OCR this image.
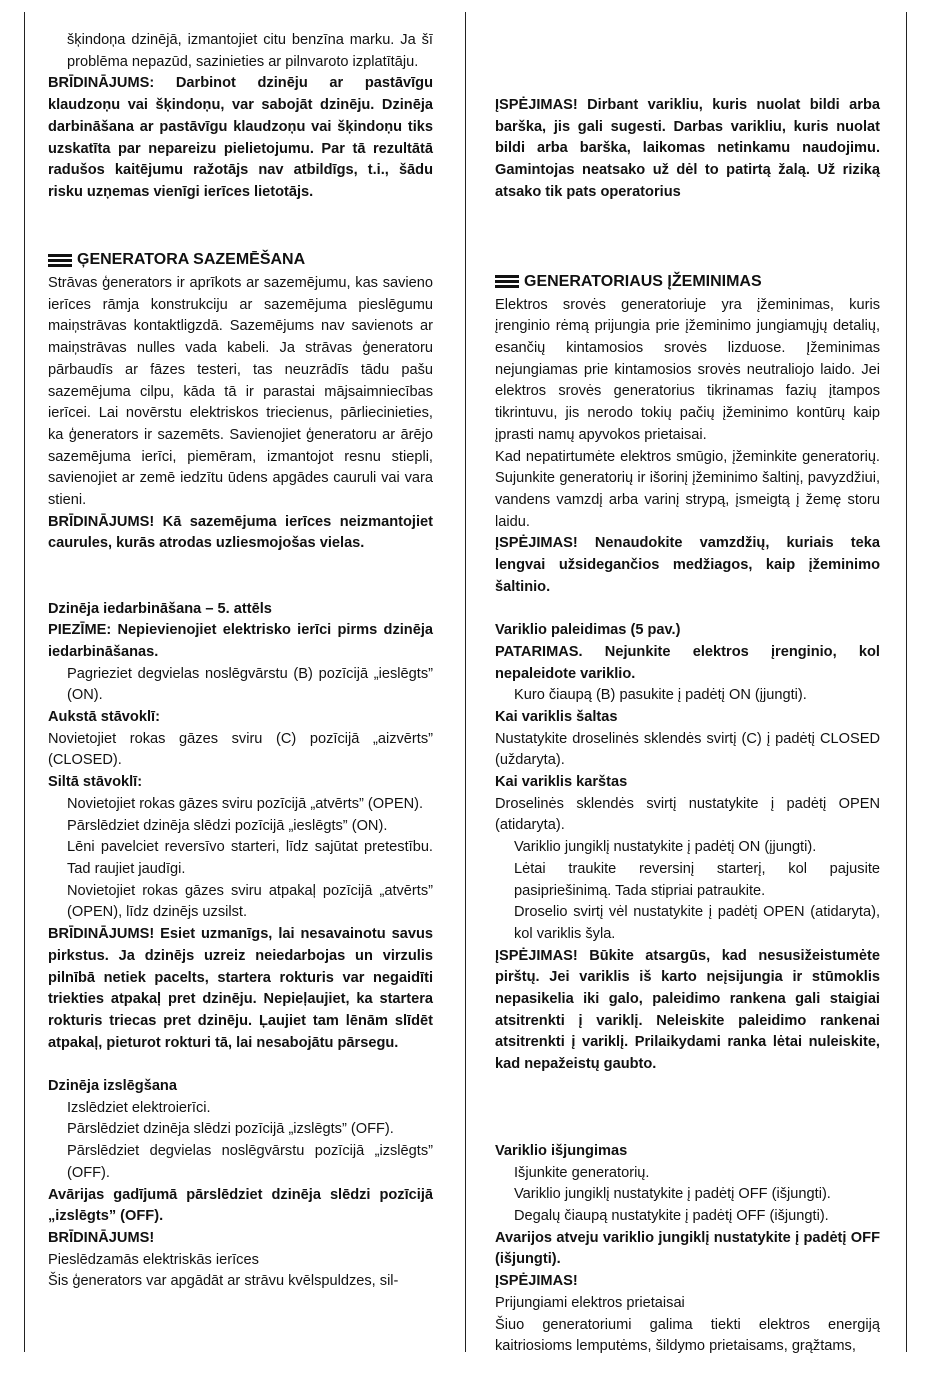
šķindoņa dzinējā, izmantojiet citu benzīna marku. Ja šī problēma nepazūd, sazinieties ar pilnvaroto izplatītāju.

BRĪDINĀJUMS: Darbinot dzinēju ar pastāvīgu klaudzoņu vai šķindoņu, var sabojāt dzinēju. Dzinēja darbināšana ar pastāvīgu klaudzoņu vai šķindoņu tiks uzskatīta par nepareizu pielietojumu. Par tā rezultātā radušos kaitējumu ražotājs nav atbildīgs, t.i., šādu risku uzņemas vienīgi ierīces lietotājs.

ĢENERATORA SAZEMĒŠANA

Strāvas ģenerators ir aprīkots ar sazemējumu, kas savieno ierīces rāmja konstrukciju ar sazemējuma pieslēgumu maiņstrāvas kontaktligzdā. Sazemējums nav savienots ar maiņstrāvas nulles vada kabeli. Ja strāvas ģeneratoru pārbaudīs ar fāzes testeri, tas neuzrādīs tādu pašu sazemējuma cilpu, kāda tā ir parastai mājsaimniecības ierīcei. Lai novērstu elektriskos triecienus, pārliecinieties, ka ģenerators ir sazemēts. Savienojiet ģeneratoru ar ārējo sazemējuma ierīci, piemēram, izmantojot resnu stiepli, savienojiet ar zemē iedzītu ūdens apgādes cauruli vai vara stieni.

BRĪDINĀJUMS! Kā sazemējuma ierīces neizmantojiet caurules, kurās atrodas uzliesmojošas vielas.

Dzinēja iedarbināšana – 5. attēls

PIEZĪME: Nepievienojiet elektrisko ierīci pirms dzinēja iedarbināšanas.

Pagrieziet degvielas noslēgvārstu (B) pozīcijā „ieslēgts” (ON).

Aukstā stāvoklī:

Novietojiet rokas gāzes sviru (C) pozīcijā „aizvērts” (CLOSED).

Siltā stāvoklī:

Novietojiet rokas gāzes sviru pozīcijā „atvērts” (OPEN).

Pārslēdziet dzinēja slēdzi pozīcijā „ieslēgts” (ON).

Lēni pavelciet reversīvo starteri, līdz sajūtat pretestību. Tad raujiet jaudīgi.

Novietojiet rokas gāzes sviru atpakaļ pozīcijā „atvērts” (OPEN), līdz dzinējs uzsilst.

BRĪDINĀJUMS! Esiet uzmanīgs, lai nesavainotu savus pirkstus. Ja dzinējs uzreiz neiedarbojas un virzulis pilnībā netiek pacelts, startera rokturis var negaidīti triekties atpakaļ pret dzinēju. Nepieļaujiet, ka startera rokturis triecas pret dzinēju. Ļaujiet tam lēnām slīdēt atpakaļ, pieturot rokturi tā, lai nesabojātu pārsegu.

Dzinēja izslēgšana

Izslēdziet elektroierīci.

Pārslēdziet dzinēja slēdzi pozīcijā „izslēgts” (OFF).

Pārslēdziet degvielas noslēgvārstu pozīcijā „izslēgts” (OFF).

Avārijas gadījumā pārslēdziet dzinēja slēdzi pozīcijā „izslēgts” (OFF).

BRĪDINĀJUMS!

Pieslēdzamās elektriskās ierīces

Šis ģenerators var apgādāt ar strāvu kvēlspuldzes, sil-

ĮSPĖJIMAS! Dirbant varikliu, kuris nuolat bildi arba barška, jis gali sugesti. Darbas varikliu, kuris nuolat bildi arba barška, laikomas netinkamu naudojimu. Gamintojas neatsako už dėl to patirtą žalą. Už riziką atsako tik pats operatorius

GENERATORIAUS ĮŽEMINIMAS

Elektros srovės generatoriuje yra įžeminimas, kuris įrenginio rėmą prijungia prie įžeminimo jungiamųjų detalių, esančių kintamosios srovės lizduose. Įžeminimas nejungiamas prie kintamosios srovės neutraliojo laido. Jei elektros srovės generatorius tikrinamas fazių įtampos tikrintuvu, jis nerodo tokių pačių įžeminimo kontūrų kaip įprasti namų apyvokos prietaisai.

Kad nepatirtumėte elektros smūgio, įžeminkite generatorių. Sujunkite generatorių ir išorinį įžeminimo šaltinį, pavyzdžiui, vandens vamzdį arba varinį strypą, įsmeigtą į žemę storu laidu.

ĮSPĖJIMAS! Nenaudokite vamzdžių, kuriais teka lengvai užsidegančios medžiagos, kaip įžeminimo šaltinio.

Variklio paleidimas (5 pav.)

PATARIMAS. Nejunkite elektros įrenginio, kol nepaleidote variklio.

Kuro čiaupą (B) pasukite į padėtį ON (įjungti).

Kai variklis šaltas

Nustatykite droselinės sklendės svirtį (C) į padėtį CLOSED (uždaryta).

Kai variklis karštas

Droselinės sklendės svirtį nustatykite į padėtį OPEN (atidaryta).

Variklio jungiklį nustatykite į padėtį ON (įjungti).

Lėtai traukite reversinį starterį, kol pajusite pasipriešinimą. Tada stipriai patraukite.

Droselio svirtį vėl nustatykite į padėtį OPEN (atidaryta), kol variklis šyla.

ĮSPĖJIMAS! Būkite atsargūs, kad nesusižeistumėte pirštų. Jei variklis iš karto neįsijungia ir stūmoklis nepasikelia iki galo, paleidimo rankena gali staigiai atsitrenkti į variklį. Neleiskite paleidimo rankenai atsitrenkti į variklį. Prilaikydami ranka lėtai nuleiskite, kad nepažeistų gaubto.

Variklio išjungimas

Išjunkite generatorių.

Variklio jungiklį nustatykite į padėtį OFF (išjungti).

Degalų čiaupą nustatykite į padėtį OFF (išjungti).

Avarijos atveju variklio jungiklį nustatykite į padėtį OFF (išjungti).

ĮSPĖJIMAS!

Prijungiami elektros prietaisai

Šiuo generatoriumi galima tiekti elektros energiją kaitriosioms lemputėms, šildymo prietaisams, grąžtams,
